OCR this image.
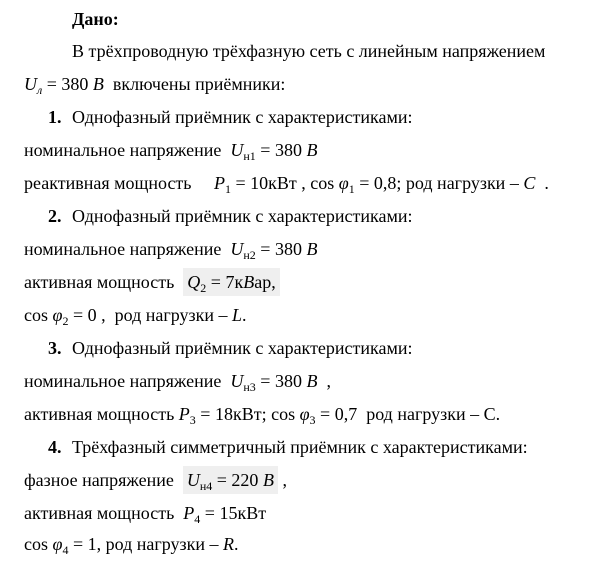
Дано:
В трёхпроводную трёхфазную сеть с линейным напряжением
$U_л = 380$ B включены приёмники:
1. Однофазный приёмник с характеристиками:
номинальное напряжение $U_{н1} = 380$ B
реактивная мощность $P_1 = 10кВт$ , $\cos \varphi_1 = 0,8$; род нагрузки – C .
2. Однофазный приёмник с характеристиками:
номинальное напряжение $U_{н2} = 380$ B
активная мощность $Q_2$ = 7кBар,
$\cos \varphi_2 = 0$ , род нагрузки – L.
3. Однофазный приёмник с характеристиками:
номинальное напряжение $U_{н3} = 380$ B ,
активная мощность $P_3 = 18кВт$; $\cos \varphi_3 = 0,7$ род нагрузки – С.
4. Трёхфазный симметричный приёмник с характеристиками:
фазное напряжение $U_{н4} = 220$ B ,
активная мощность $P_4 = 15кВт$
$\cos \varphi_4 = 1$, род нагрузки – R.
